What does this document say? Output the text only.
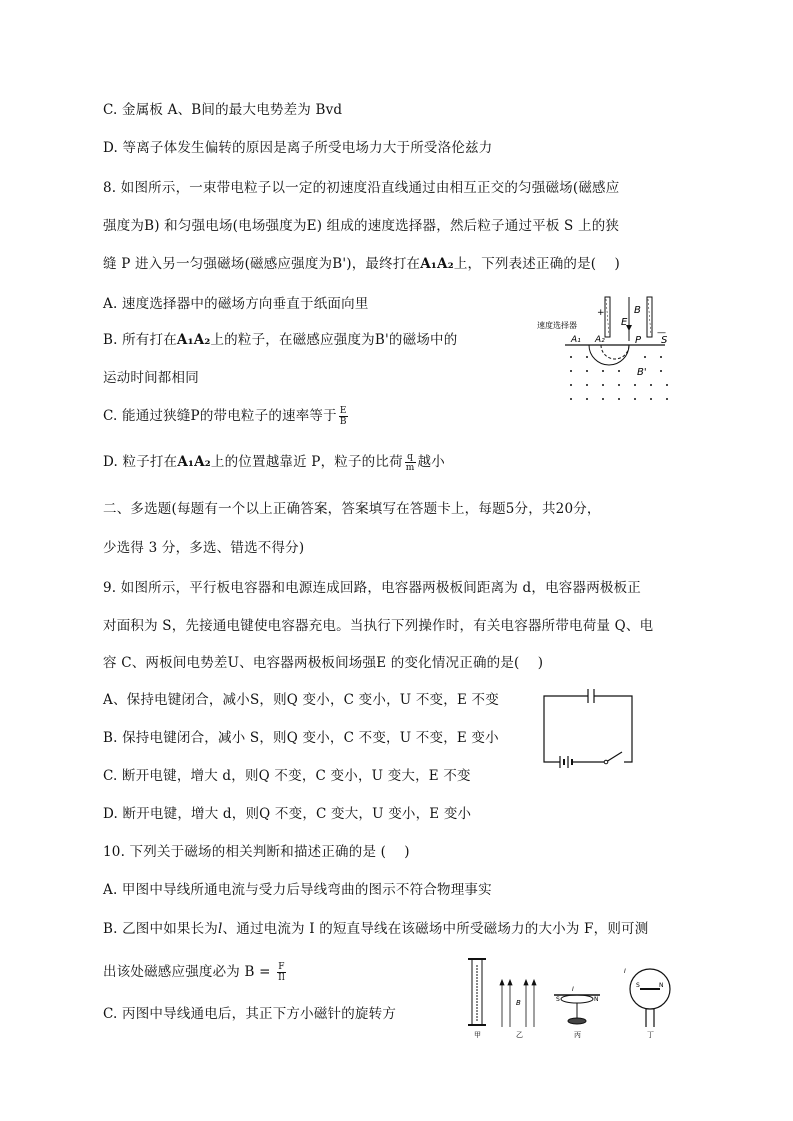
C. 金属板 A、B间的最大电势差为 Bvd
D. 等离子体发生偏转的原因是离子所受电场力大于所受洛伦兹力
8. 如图所示，一束带电粒子以一定的初速度沿直线通过由相互正交的匀强磁场(磁感应
强度为B) 和匀强电场(电场强度为E) 组成的速度选择器，然后粒子通过平板 S 上的狭
缝 P 进入另一匀强磁场(磁感应强度为B')，最终打在A₁A₂上，下列表述正确的是(　 )
A. 速度选择器中的磁场方向垂直于纸面向里
B. 所有打在A₁A₂上的粒子，在磁感应强度为B'的磁场中的
运动时间都相同
C. 能通过狭缝P的带电粒子的速率等于 $\frac{E}{B}$
D. 粒子打在A₁A₂上的位置越靠近 P，粒子的比荷 $\frac{q}{m}$ 越小
速度选择器
+
—
E
B
A₁ A₂	P S
B'
二、多选题(每题有一个以上正确答案，答案填写在答题卡上，每题5分，共20分，
少选得 3 分，多选、错选不得分)
9. 如图所示，平行板电容器和电源连成回路，电容器两极板间距离为 d，电容器两极板正
对面积为 S，先接通电键使电容器充电。当执行下列操作时，有关电容器所带电荷量 Q、电
容 C、两板间电势差U、电容器两极板间场强E 的变化情况正确的是(　 )
A、保持电键闭合，减小S，则Q 变小，C 变小，U 不变，E 不变
B. 保持电键闭合，减小 S，则Q 变小，C 不变，U 不变，E 变小
C. 断开电键，增大 d，则Q 不变，C 变小，U 变大，E 不变
D. 断开电键，增大 d，则Q 不变，C 变大，U 变小，E 变小
10. 下列关于磁场的相关判断和描述正确的是 (　 )
A. 甲图中导线所通电流与受力后导线弯曲的图示不符合物理事实
B. 乙图中如果长为l、通过电流为 I 的短直导线在该磁场中所受磁场力的大小为 F，则可测
出该处磁感应强度必为 $B = \frac{F}{Il}$
C. 丙图中导线通电后，其正下方小磁针的旋转方
甲
B
乙
I
S	N
丙
I
S	N
丁
